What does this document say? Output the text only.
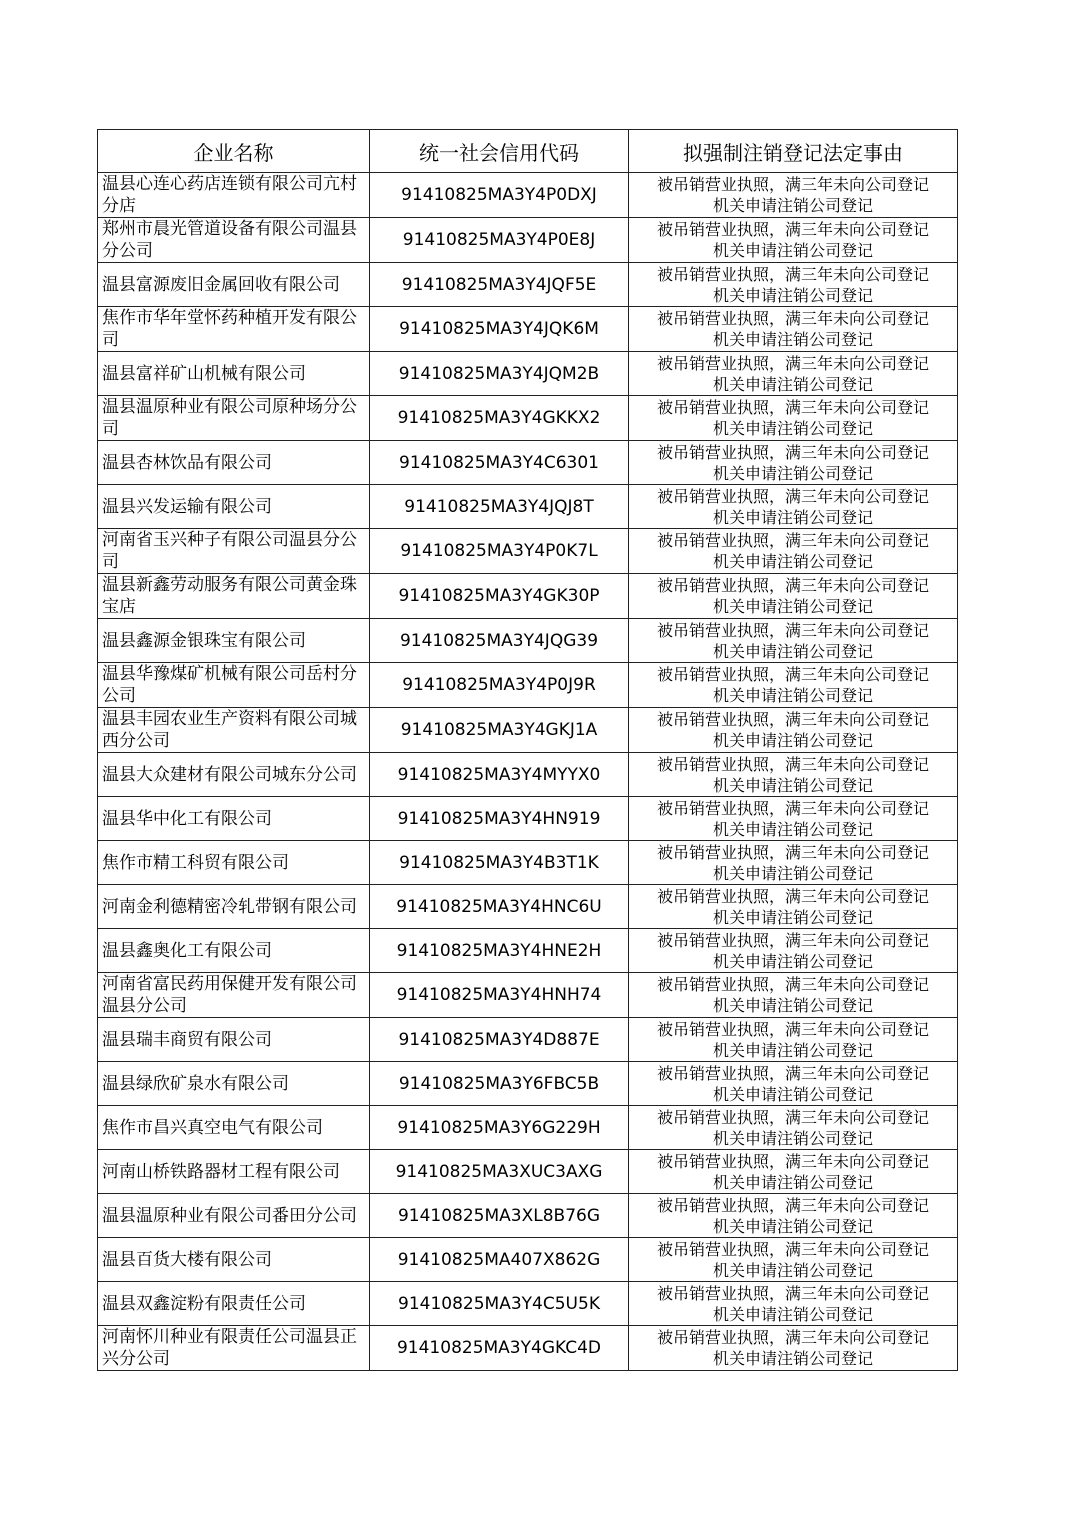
企业名称	统一社会信用代码	拟强制注销登记法定事由
温县心连心药店连锁有限公司亢村分店	91410825MA3Y4P0DXJ	被吊销营业执照，满三年未向公司登记
机关申请注销公司登记

郑州市晨光管道设备有限公司温县分公司	91410825MA3Y4P0E8J	被吊销营业执照，满三年未向公司登记
机关申请注销公司登记

温县富源废旧金属回收有限公司	91410825MA3Y4JQF5E	被吊销营业执照，满三年未向公司登记
机关申请注销公司登记

焦作市华年堂怀药种植开发有限公司	91410825MA3Y4JQK6M	被吊销营业执照，满三年未向公司登记
机关申请注销公司登记

温县富祥矿山机械有限公司	91410825MA3Y4JQM2B	被吊销营业执照，满三年未向公司登记
机关申请注销公司登记

温县温原种业有限公司原种场分公司	91410825MA3Y4GKKX2	被吊销营业执照，满三年未向公司登记
机关申请注销公司登记

温县杏林饮品有限公司	91410825MA3Y4C6301	被吊销营业执照，满三年未向公司登记
机关申请注销公司登记

温县兴发运输有限公司	91410825MA3Y4JQJ8T	被吊销营业执照，满三年未向公司登记
机关申请注销公司登记

河南省玉兴种子有限公司温县分公司	91410825MA3Y4P0K7L	被吊销营业执照，满三年未向公司登记
机关申请注销公司登记

温县新鑫劳动服务有限公司黄金珠宝店	91410825MA3Y4GK30P	被吊销营业执照，满三年未向公司登记
机关申请注销公司登记

温县鑫源金银珠宝有限公司	91410825MA3Y4JQG39	被吊销营业执照，满三年未向公司登记
机关申请注销公司登记

温县华豫煤矿机械有限公司岳村分公司	91410825MA3Y4P0J9R	被吊销营业执照，满三年未向公司登记
机关申请注销公司登记

温县丰园农业生产资料有限公司城西分公司	91410825MA3Y4GKJ1A	被吊销营业执照，满三年未向公司登记
机关申请注销公司登记

温县大众建材有限公司城东分公司	91410825MA3Y4MYYX0	被吊销营业执照，满三年未向公司登记
机关申请注销公司登记

温县华中化工有限公司	91410825MA3Y4HN919	被吊销营业执照，满三年未向公司登记
机关申请注销公司登记

焦作市精工科贸有限公司	91410825MA3Y4B3T1K	被吊销营业执照，满三年未向公司登记
机关申请注销公司登记

河南金利德精密冷轧带钢有限公司	91410825MA3Y4HNC6U	被吊销营业执照，满三年未向公司登记
机关申请注销公司登记

温县鑫奥化工有限公司	91410825MA3Y4HNE2H	被吊销营业执照，满三年未向公司登记
机关申请注销公司登记

河南省富民药用保健开发有限公司温县分公司	91410825MA3Y4HNH74	被吊销营业执照，满三年未向公司登记
机关申请注销公司登记

温县瑞丰商贸有限公司	91410825MA3Y4D887E	被吊销营业执照，满三年未向公司登记
机关申请注销公司登记

温县绿欣矿泉水有限公司	91410825MA3Y6FBC5B	被吊销营业执照，满三年未向公司登记
机关申请注销公司登记

焦作市昌兴真空电气有限公司	91410825MA3Y6G229H	被吊销营业执照，满三年未向公司登记
机关申请注销公司登记

河南山桥铁路器材工程有限公司	91410825MA3XUC3AXG	被吊销营业执照，满三年未向公司登记
机关申请注销公司登记

温县温原种业有限公司番田分公司	91410825MA3XL8B76G	被吊销营业执照，满三年未向公司登记
机关申请注销公司登记

温县百货大楼有限公司	91410825MA407X862G	被吊销营业执照，满三年未向公司登记
机关申请注销公司登记

温县双鑫淀粉有限责任公司	91410825MA3Y4C5U5K	被吊销营业执照，满三年未向公司登记
机关申请注销公司登记

河南怀川种业有限责任公司温县正兴分公司	91410825MA3Y4GKC4D	被吊销营业执照，满三年未向公司登记
机关申请注销公司登记
